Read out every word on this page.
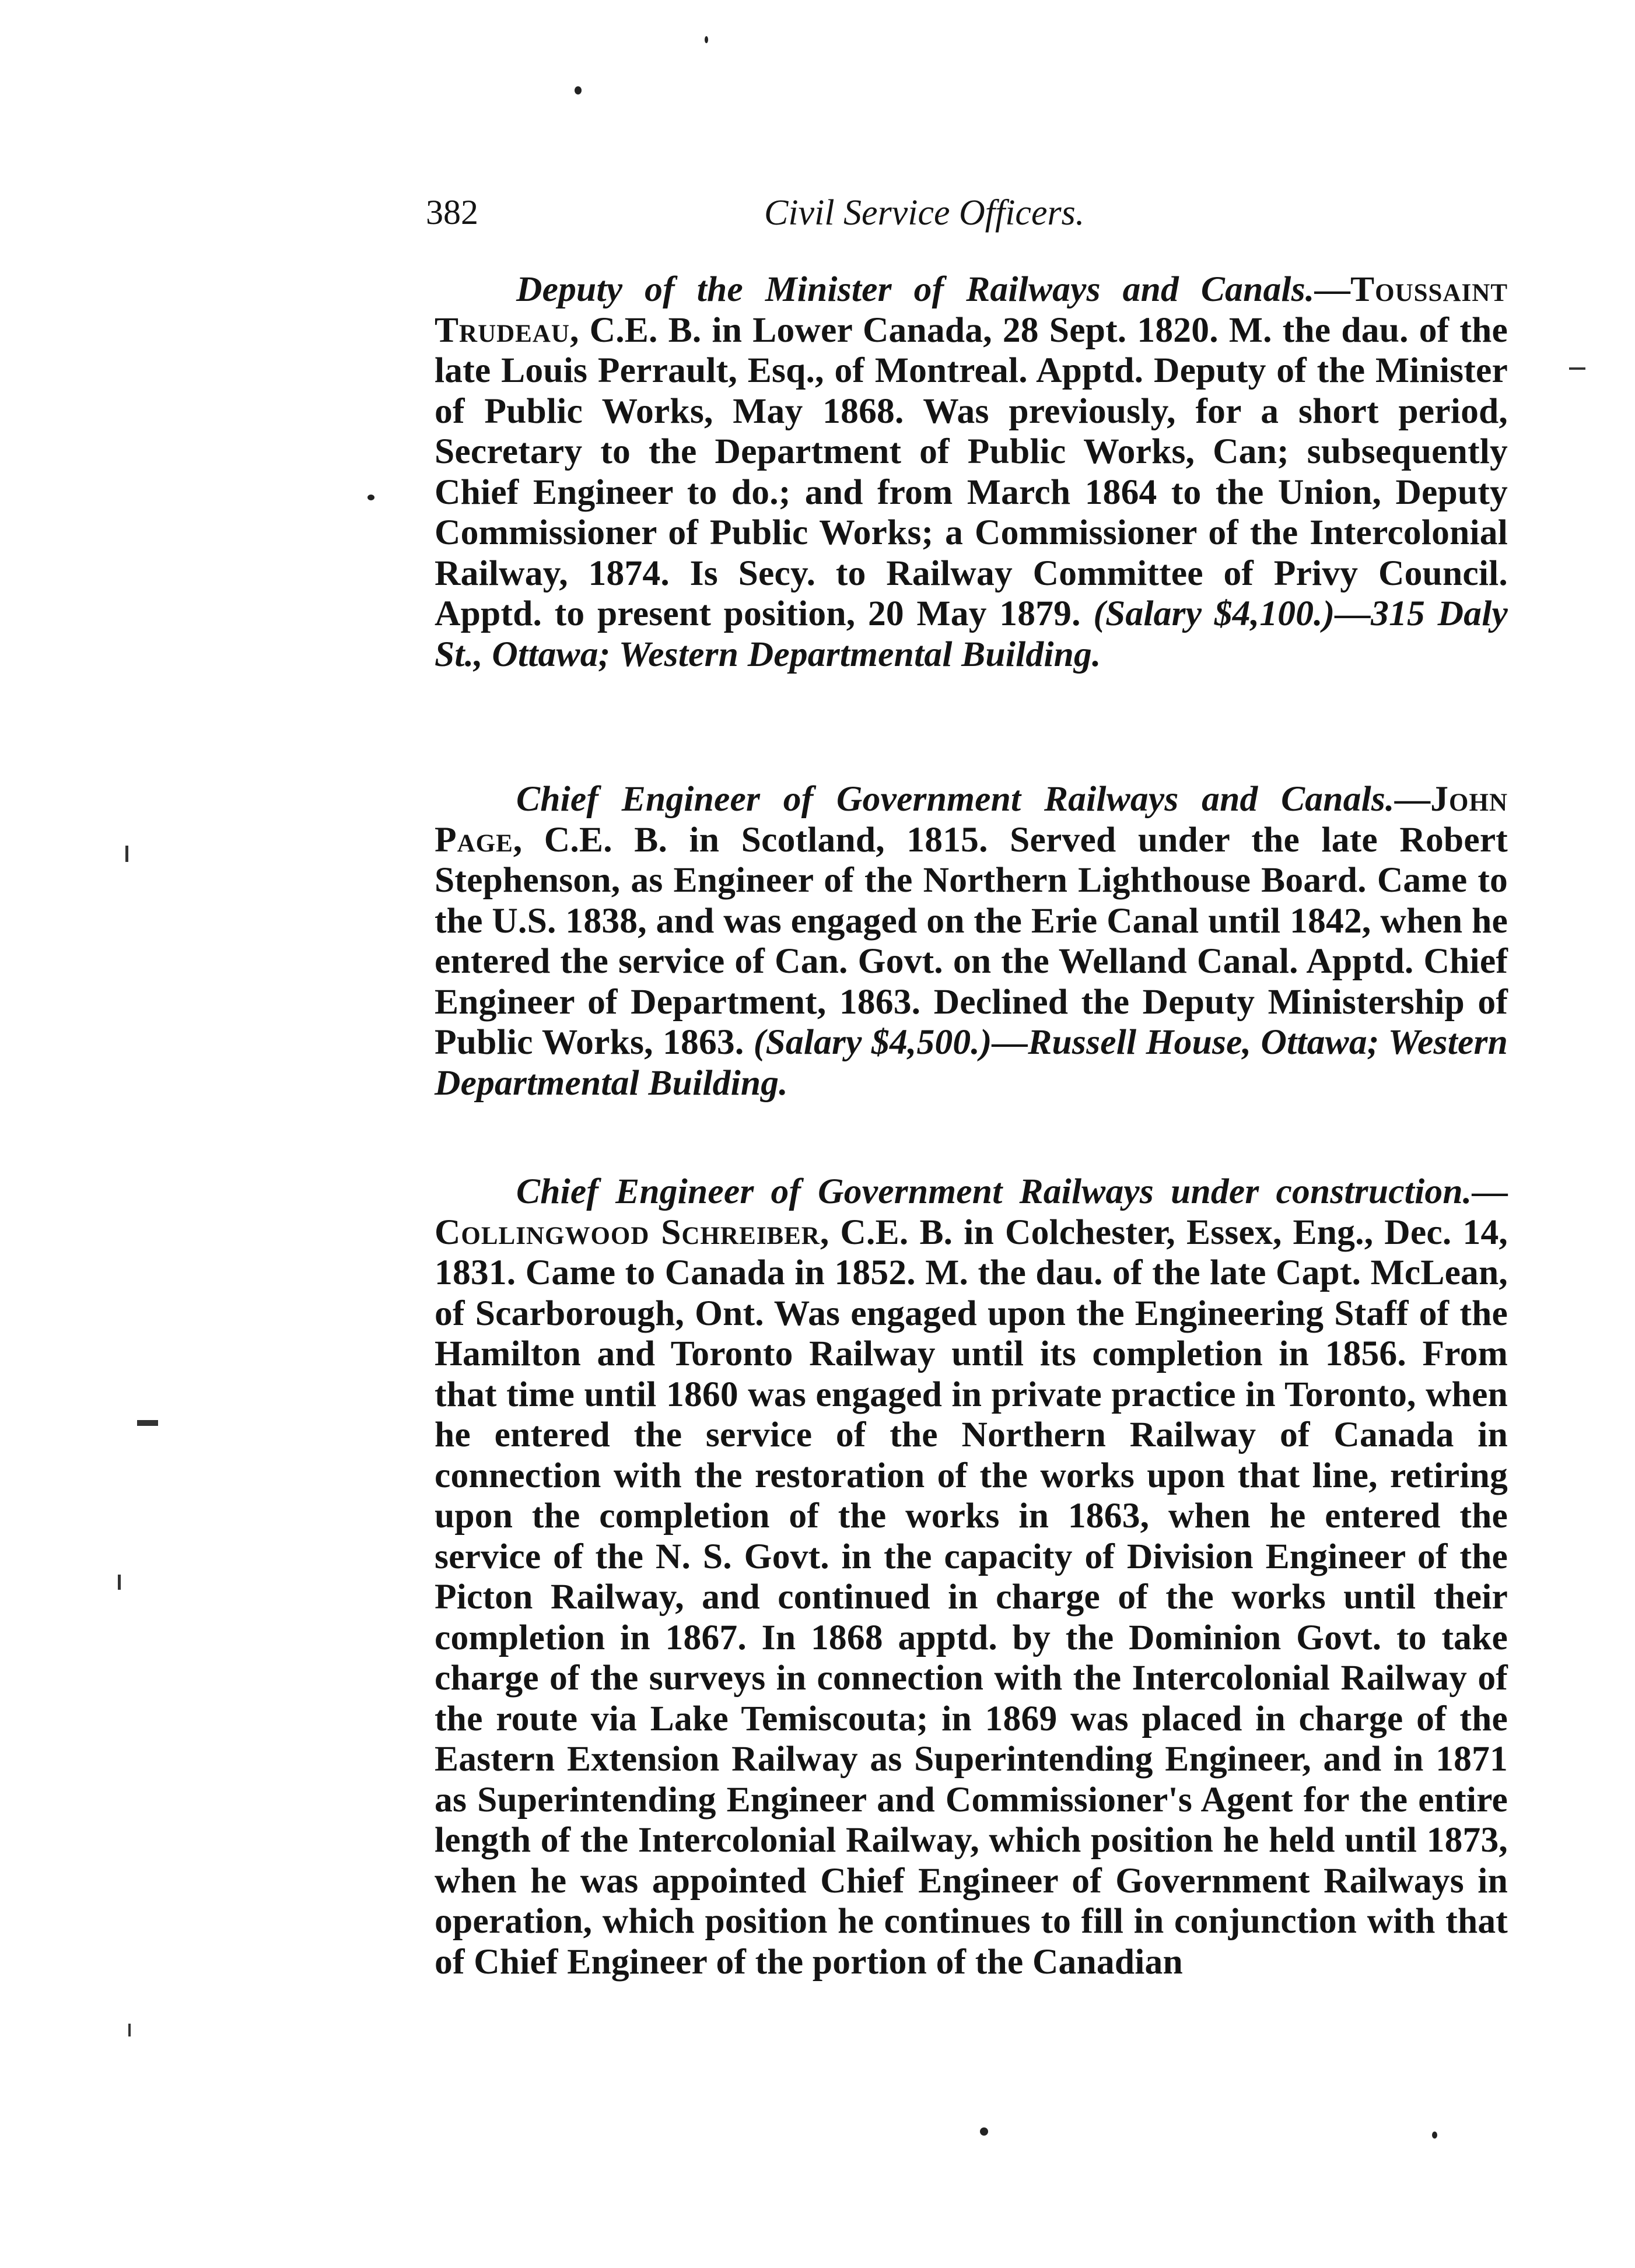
382	Civil Service Officers.

Deputy of the Minister of Railways and Canals.—Toussaint Trudeau, C.E. B. in Lower Canada, 28 Sept. 1820. M. the dau. of the late Louis Perrault, Esq., of Montreal. Apptd. Deputy of the Minister of Public Works, May 1868. Was previously, for a short period, Secretary to the Department of Public Works, Can; subsequently Chief Engineer to do.; and from March 1864 to the Union, Deputy Commissioner of Public Works; a Commissioner of the Intercolonial Railway, 1874. Is Secy. to Railway Committee of Privy Council. Apptd. to present position, 20 May 1879. (Salary $4,100.)—315 Daly St., Ottawa; Western Departmental Building.

Chief Engineer of Government Railways and Canals.—John Page, C.E. B. in Scotland, 1815. Served under the late Robert Stephenson, as Engineer of the Northern Lighthouse Board. Came to the U.S. 1838, and was engaged on the Erie Canal until 1842, when he entered the service of Can. Govt. on the Welland Canal. Apptd. Chief Engineer of Department, 1863. Declined the Deputy Ministership of Public Works, 1863. (Salary $4,500.)—Russell House, Ottawa; Western Departmental Building.

Chief Engineer of Government Railways under construction.—Collingwood Schreiber, C.E. B. in Colchester, Essex, Eng., Dec. 14, 1831. Came to Canada in 1852. M. the dau. of the late Capt. McLean, of Scarborough, Ont. Was engaged upon the Engineering Staff of the Hamilton and Toronto Railway until its completion in 1856. From that time until 1860 was engaged in private practice in Toronto, when he entered the service of the Northern Railway of Canada in connection with the restoration of the works upon that line, retiring upon the completion of the works in 1863, when he entered the service of the N. S. Govt. in the capacity of Division Engineer of the Picton Railway, and continued in charge of the works until their completion in 1867. In 1868 apptd. by the Dominion Govt. to take charge of the surveys in connection with the Intercolonial Railway of the route via Lake Temiscouta; in 1869 was placed in charge of the Eastern Extension Railway as Superintending Engineer, and in 1871 as Superintending Engineer and Commissioner's Agent for the entire length of the Intercolonial Railway, which position he held until 1873, when he was appointed Chief Engineer of Government Railways in operation, which position he continues to fill in conjunction with that of Chief Engineer of the portion of the Canadian
